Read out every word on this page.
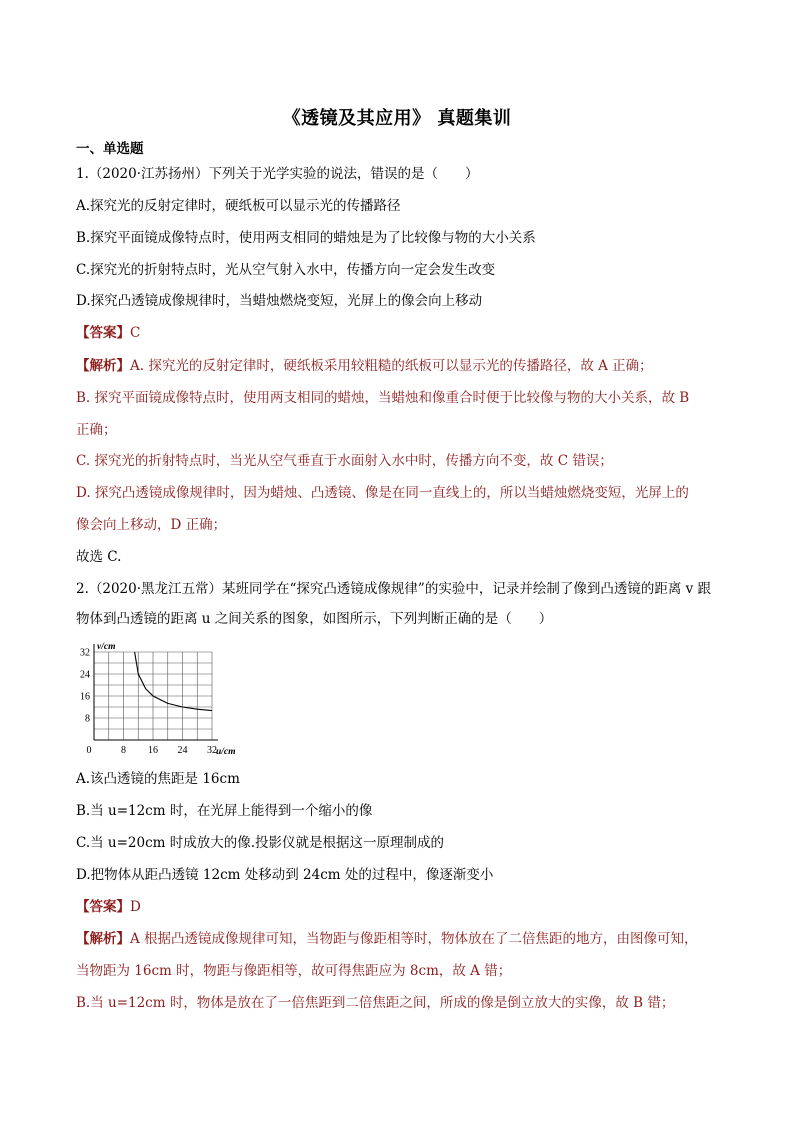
《透镜及其应用》 真题集训
一、单选题
1.（2020·江苏扬州）下列关于光学实验的说法，错误的是（　　）
A.探究光的反射定律时，硬纸板可以显示光的传播路径
B.探究平面镜成像特点时，使用两支相同的蜡烛是为了比较像与物的大小关系
C.探究光的折射特点时，光从空气射入水中，传播方向一定会发生改变
D.探究凸透镜成像规律时，当蜡烛燃烧变短，光屏上的像会向上移动
【答案】C
【解析】A. 探究光的反射定律时，硬纸板采用较粗糙的纸板可以显示光的传播路径，故 A 正确；
B. 探究平面镜成像特点时，使用两支相同的蜡烛，当蜡烛和像重合时便于比较像与物的大小关系，故 B
正确；
C. 探究光的折射特点时，当光从空气垂直于水面射入水中时，传播方向不变，故 C 错误；
D. 探究凸透镜成像规律时，因为蜡烛、凸透镜、像是在同一直线上的，所以当蜡烛燃烧变短，光屏上的
像会向上移动，D 正确；
故选 C.
2.（2020·黑龙江五常）某班同学在“探究凸透镜成像规律”的实验中，记录并绘制了像到凸透镜的距离 v 跟
物体到凸透镜的距离 u 之间关系的图象，如图所示，下列判断正确的是（　　）
0	8 16 24 32
8
16
24
32
u/cm
v/cm
A.该凸透镜的焦距是 16cm
B.当 u=12cm 时，在光屏上能得到一个缩小的像
C.当 u=20cm 时成放大的像.投影仪就是根据这一原理制成的
D.把物体从距凸透镜 12cm 处移动到 24cm 处的过程中，像逐渐变小
【答案】D
【解析】A 根据凸透镜成像规律可知，当物距与像距相等时，物体放在了二倍焦距的地方，由图像可知，
当物距为 16cm 时，物距与像距相等，故可得焦距应为 8cm，故 A 错；
B.当 u=12cm 时，物体是放在了一倍焦距到二倍焦距之间，所成的像是倒立放大的实像，故 B 错；
